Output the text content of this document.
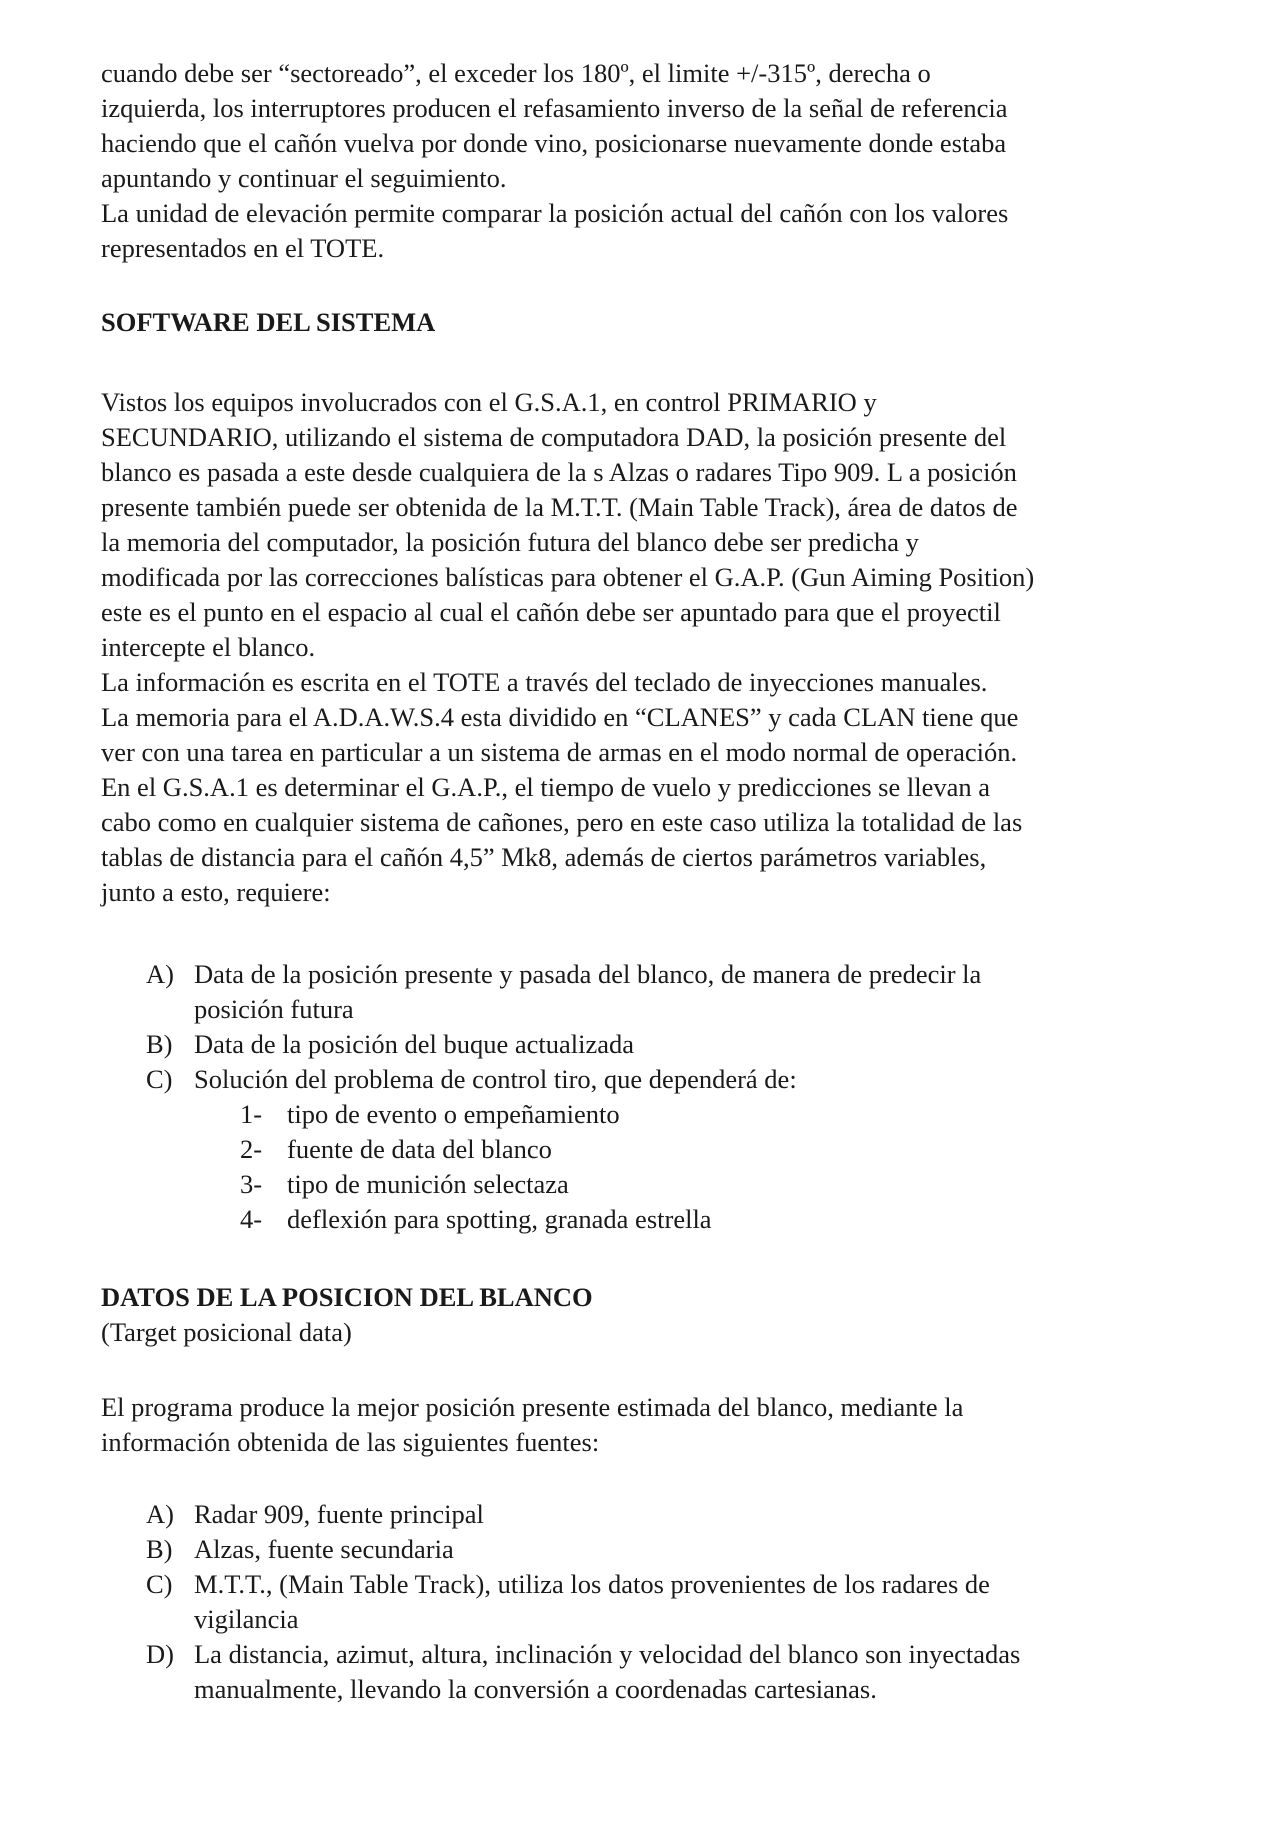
cuando debe ser “sectoreado”, el exceder los 180º, el limite +/-315º, derecha o
izquierda, los interruptores producen el refasamiento inverso de la señal de referencia
haciendo que el cañón vuelva por donde vino, posicionarse nuevamente donde estaba
apuntando y continuar el seguimiento.
La unidad de elevación permite comparar la posición actual del cañón con los valores
representados en el TOTE.
SOFTWARE DEL SISTEMA
Vistos los equipos involucrados con el G.S.A.1, en control PRIMARIO y
SECUNDARIO, utilizando el sistema de computadora DAD, la posición presente del
blanco es pasada a este desde cualquiera de la s Alzas o radares Tipo 909. L a posición
presente también puede ser obtenida de la M.T.T. (Main Table Track), área de datos de
la memoria del computador, la posición futura del blanco debe ser predicha y
modificada por las correcciones balísticas para obtener el G.A.P. (Gun Aiming Position)
este es el punto en el espacio al cual el cañón debe ser apuntado para que el proyectil
intercepte el blanco.
La información es escrita en el TOTE a través del teclado de inyecciones manuales.
La memoria para el A.D.A.W.S.4 esta dividido en “CLANES” y cada CLAN tiene que
ver con una tarea en particular a un sistema de armas en el modo normal de operación.
En el G.S.A.1 es determinar el G.A.P., el tiempo de vuelo y predicciones se llevan a
cabo como en cualquier sistema de cañones, pero en este caso utiliza la totalidad de las
tablas de distancia para el cañón 4,5” Mk8, además de ciertos parámetros variables,
junto a esto, requiere:
A) Data de la posición presente y pasada del blanco, de manera de predecir la
posición futura
B) Data de la posición del buque actualizada
C) Solución del problema de control tiro, que dependerá de:
1- tipo de evento o empeñamiento
2- fuente de data del blanco
3- tipo de munición selectaza
4- deflexión para spotting, granada estrella
DATOS DE LA POSICION DEL BLANCO
(Target posicional data)
El programa produce la mejor posición presente estimada del blanco, mediante la
información obtenida de las siguientes fuentes:
A) Radar 909, fuente principal
B) Alzas, fuente secundaria
C) M.T.T., (Main Table Track), utiliza los datos provenientes de los radares de
vigilancia
D) La distancia, azimut, altura, inclinación y velocidad del blanco son inyectadas
manualmente, llevando la conversión a coordenadas cartesianas.
